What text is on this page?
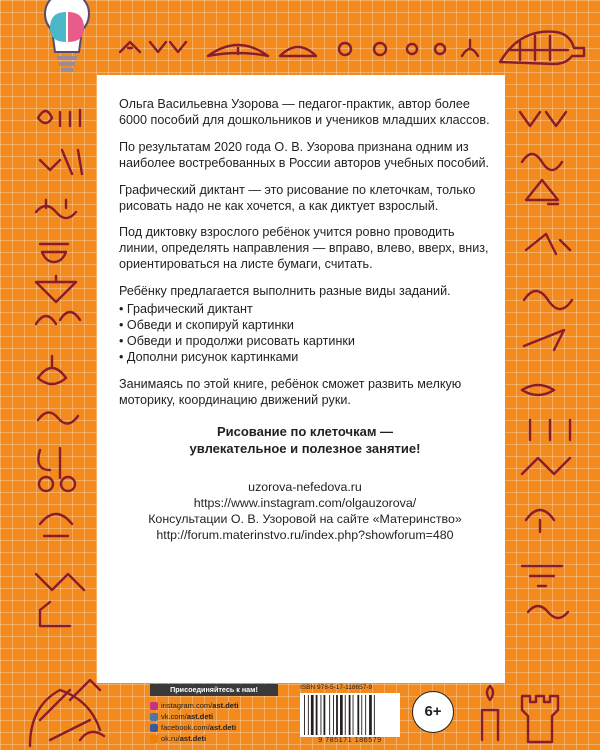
Ольга Васильевна Узорова — педагог-практик, автор более 6000 пособий для дошкольников и учеников младших классов.

По результатам 2020 года О. В. Узорова признана одним из наиболее востребованных в России авторов учебных пособий.

Графический диктант — это рисование по клеточкам, только рисовать надо не как хочется, а как диктует взрослый.

Под диктовку взрослого ребёнок учится ровно проводить линии, определять направления — вправо, влево, вверх, вниз, ориентироваться на листе бумаги, считать.

Ребёнку предлагается выполнить разные виды заданий.

• Графический диктант
• Обведи и скопируй картинки
• Обведи и продолжи рисовать картинки
• Дополни рисунок картинками

Занимаясь по этой книге, ребёнок сможет развить мелкую моторику, координацию движений руки.

Рисование по клеточкам —
увлекательное и полезное занятие!
uzorova-nefedova.ru
https://www.instagram.com/olgauzorova/
Консультации О. В. Узоровой на сайте «Материнство»
http://forum.materinstvo.ru/index.php?showforum=480
Присоединяйтесь к нам!
instagram.com/ ast.deti
vk.com/ ast.deti
facebook.com/ ast.deti
ok.ru/ ast.deti
ISBN 978-5-17-118657-9
9 785171 186579
6+
